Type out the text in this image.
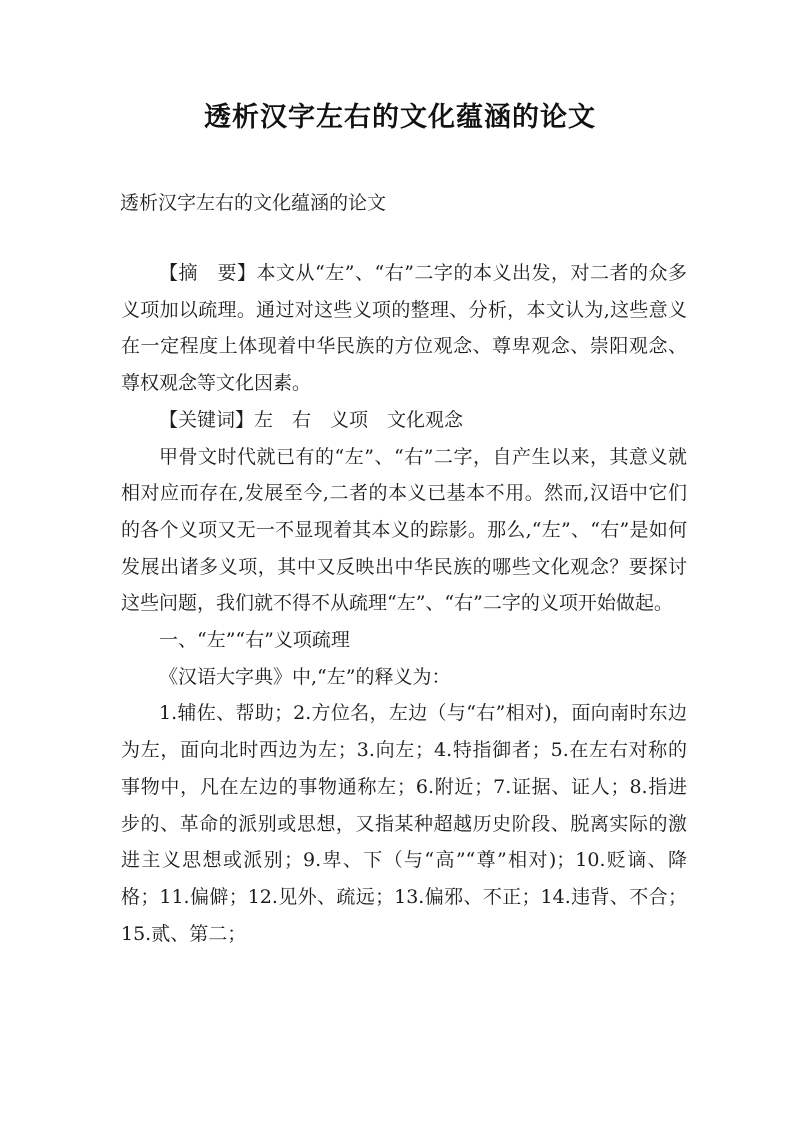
透析汉字左右的文化蕴涵的论文
透析汉字左右的文化蕴涵的论文

【摘　要】本文从“左”、“右”二字的本义出发，对二者的众多义项加以疏理。通过对这些义项的整理、分析，本文认为,这些意义在一定程度上体现着中华民族的方位观念、尊卑观念、崇阳观念、尊权观念等文化因素。

【关键词】左　右　义项　文化观念

甲骨文时代就已有的“左”、“右”二字，自产生以来，其意义就相对应而存在,发展至今,二者的本义已基本不用。然而,汉语中它们的各个义项又无一不显现着其本义的踪影。那么,“左”、“右”是如何发展出诸多义项，其中又反映出中华民族的哪些文化观念？要探讨这些问题，我们就不得不从疏理“左”、“右”二字的义项开始做起。

一、“左”“右”义项疏理

《汉语大字典》中,“左”的释义为：

1.辅佐、帮助；2.方位名，左边（与“右”相对)，面向南时东边为左，面向北时西边为左；3.向左；4.特指御者；5.在左右对称的事物中，凡在左边的事物通称左；6.附近；7.证据、证人；8.指进步的、革命的派别或思想，又指某种超越历史阶段、脱离实际的激进主义思想或派别；9.卑、下（与“高”“尊”相对)；10.贬谪、降格；11.偏僻；12.见外、疏远；13.偏邪、不正；14.违背、不合；15.贰、第二；
